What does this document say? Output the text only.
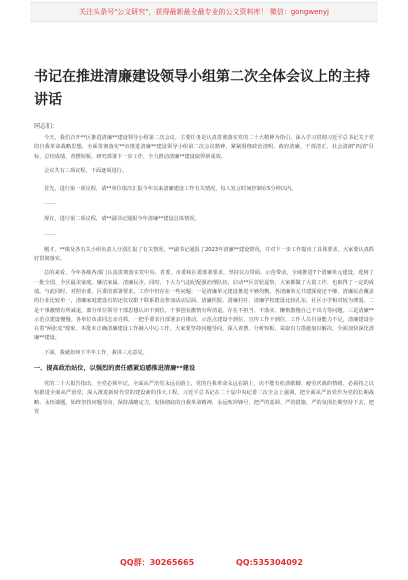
关注头条号"公文研究"，获得最新最全最专业的公文资料库！ 微信：gongwenyj
书记在推进清廉建设领导小组第二次全体会议上的主持讲话
同志们：
今天，我们召开**区推进清廉**建设领导小组第二次会议，主要任务是认真贯彻落实党的二十大精神为指引，深入学习贯彻习近平总书记关于党的自我革命战略思想，全面贯彻落实**市推进清廉**建设领导小组第二次会议精神，紧紧围绕政治清明、政府清廉、干部清正、社会清朗"四清"目标，总结成绩，查摆短板，研究部署下一步工作，全力推动清廉**建设取得新成效。
会议共有三项议程，下面逐项进行。
首先，进行第一项议程，请**单位依次汇报今年以来清廉建设工作有关情况，每人发言时间控制在5分钟以内。
……
现在，进行第二项议程，请**副书记通报今年清廉**建设总体情况。
……
刚才，**镇及各有关小组负责人分别汇报了有关情况，**副书记通报了2023年清廉**建设情况，并对下一步工作提出了具体要求，大家要认真抓好贯彻落实。
总的来看，今年各级各部门认真贯彻落实党中央、省委、市委和区委部署要求，坚持以点带面、示范带动，全域推进7个清廉单元建设，选树了一批全国、全区最美家庭、廉洁家属、清廉民企。同时，下大力气违纪配强治理队伍，启动**区首轮巡察，大家都做了大量工作，也取得了一定的成绩。与此同时，对照市委、区委的部署要求，工作中仍存在一些问题：一是清廉单元建设推进不够均衡，各清廉单元共建深度还不够，清廉民企覆盖的行业比较单一，清廉家庭建设有的还仅仅限于联系群众参加活动层面，清廉医院、清廉村社、清廉学校建设比较孔东，社区小学相对较为薄弱。二是干事激情有所减退，部分单位领导干部思想认识不到位，干事创业激情有所消退，存在不担当、不落实、懒惰散慢自己不出力等问题。三是清廉**示范点建设慢慢。各单位负责同志亲自抓，一把手要亲自部署亲自推动，示范点建设不到位，宣传工作不到位，工作人员自身能力不足，清廉建设存在着"两张皮"现象，本批未正确清廉建设工作融入中心工作，大家要坚持问题导向，深入查摆、分析短板，采取有力措施加以解决，全面加快深化清廉**建设。
下面，我就如何下半年工作，我讲三点意见。
一、提高政治站位，以强烈的责任感紧迫感推进清廉**建设
党的二十大报告指出，全党必须牢记，全面从严治党永远在路上，党的自我革命永远在路上，决不能有松劲歇脚、疲劳厌战的情绪，必须持之以恒推进全面从严治党，深入推进新时代党的建设新的伟大工程。习近平总书记在二十届中央纪委二次全会上强调，把全面从严治党作为党的长期战略、永恒课题，始终坚持问题导向，保持战略定力，发扬彻底的自我革命精神，永远吹冲锋号，把严的基调、严的措施、严的氛围长期坚持下去，把党
QQ群：30265665	QQ:535304092
